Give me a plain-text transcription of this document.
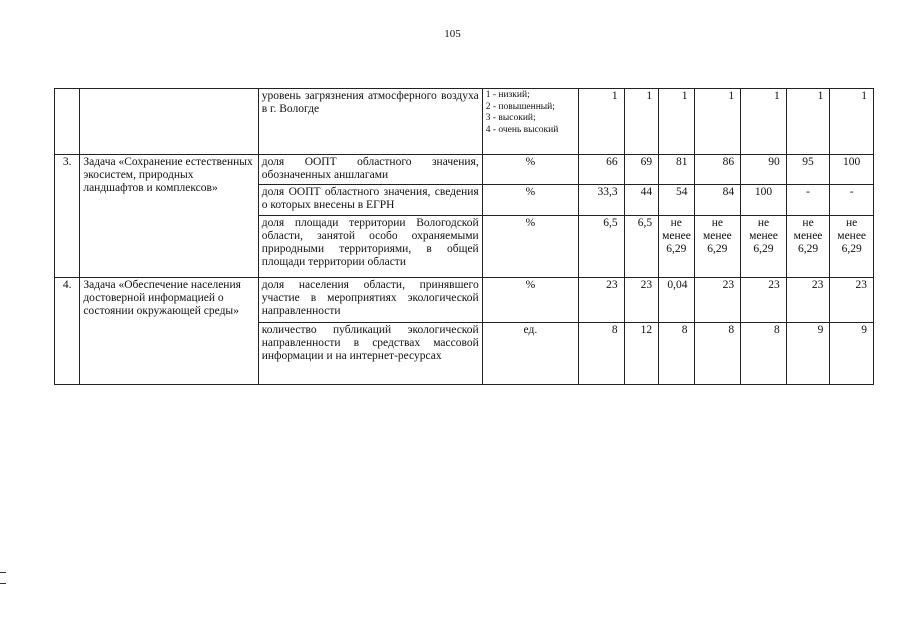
105
		уровень загрязнения атмосферного воздуха в г. Вологде	1 - низкий;
2 - повышенный;
3 - высокий;
4 - очень высокий	1	1	1	1	1	1	1
3.	Задача «Сохранение естественных экосистем, природных ландшафтов и комплексов»	доля ООПТ областного значения, обозначенных аншлагами	%	66	69	81	86	90	95	100
		доля ООПТ областного значения, сведения о которых внесены в ЕГРН	%	33,3	44	54	84	100	-	-
		доля площади территории Вологодской области, занятой особо охраняемыми природными территориями, в общей площади территории области	%	6,5	6,5	не менее 6,29	не менее 6,29	не менее 6,29	не менее 6,29	не менее 6,29
4.	Задача «Обеспечение населения достоверной информацией о состоянии окружающей среды»	доля населения области, принявшего участие в мероприятиях экологической направленности	%	23	23	0,04	23	23	23	23
		количество публикаций экологической направленности в средствах массовой информации и на интернет-ресурсах	ед.	8	12	8	8	8	9	9
